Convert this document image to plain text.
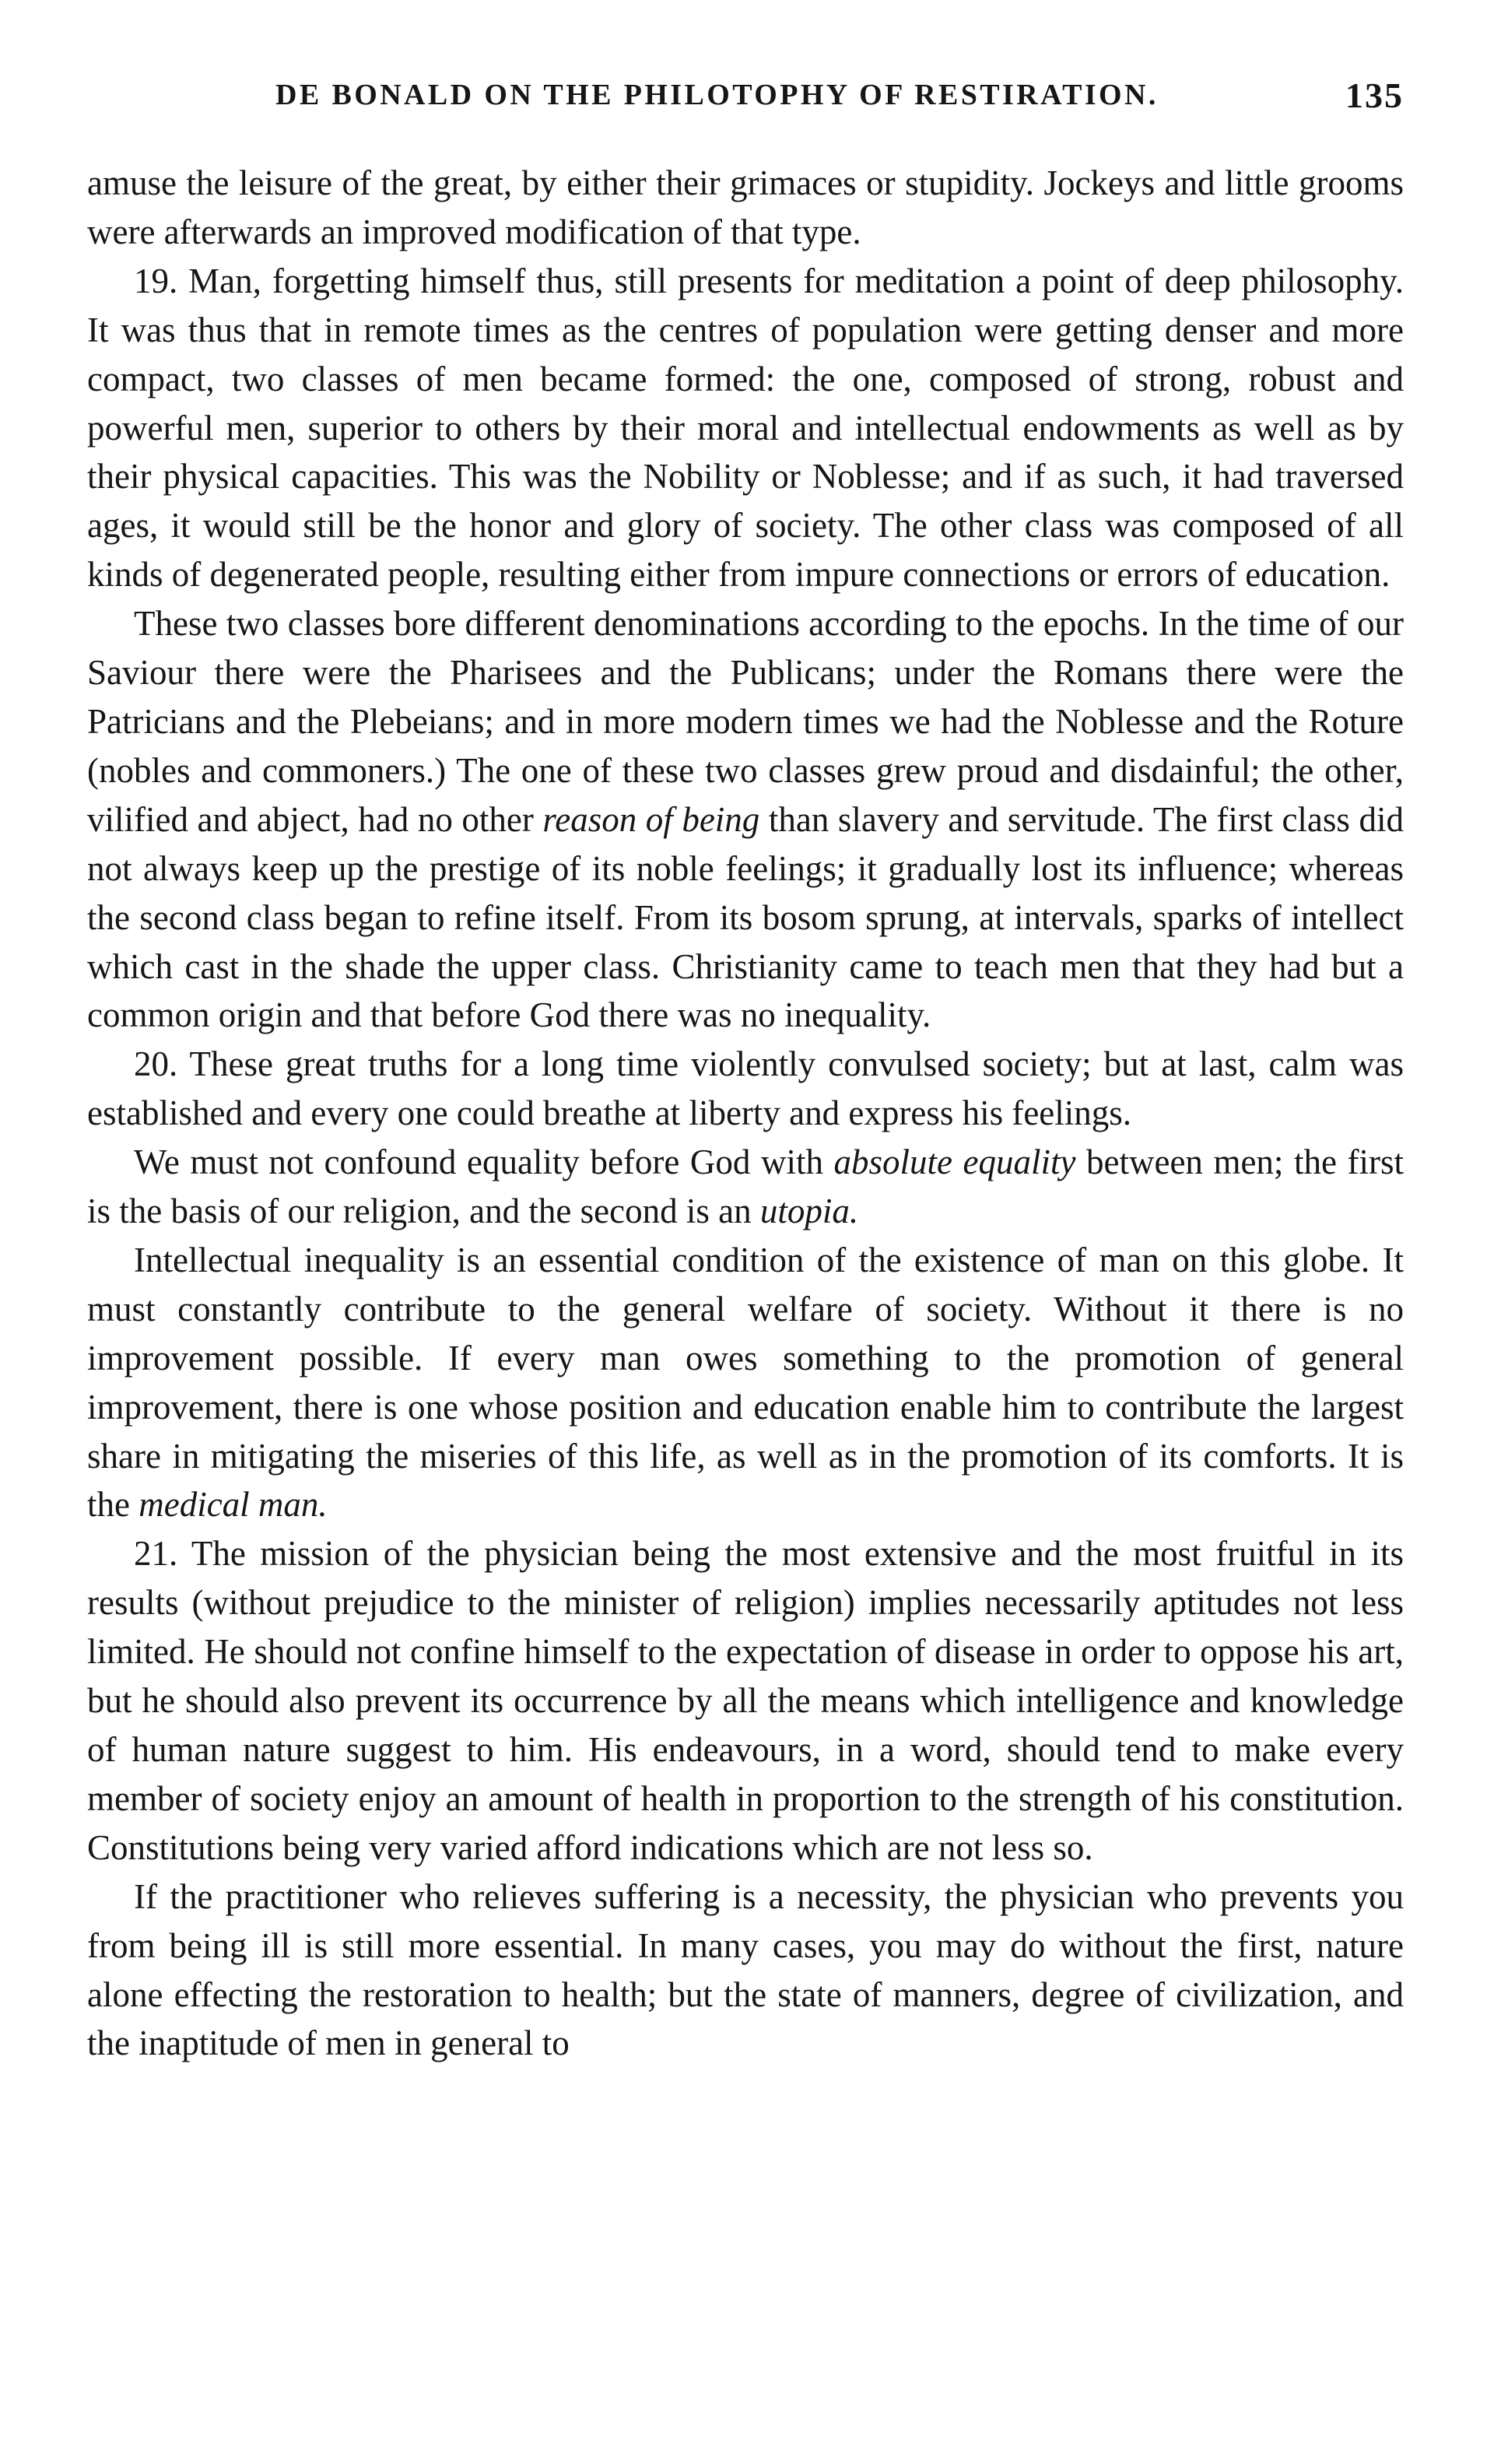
DE BONALD ON THE PHILOTOPHY OF RESTIRATION.	135

amuse the leisure of the great, by either their grimaces or stupidity. Jockeys and little grooms were afterwards an improved modification of that type.

19. Man, forgetting himself thus, still presents for meditation a point of deep philosophy. It was thus that in remote times as the centres of population were getting denser and more compact, two classes of men became formed: the one, composed of strong, robust and powerful men, superior to others by their moral and intellectual endowments as well as by their physical capacities. This was the Nobility or Noblesse; and if as such, it had traversed ages, it would still be the honor and glory of society. The other class was composed of all kinds of degenerated people, resulting either from impure connections or errors of education.

These two classes bore different denominations according to the epochs. In the time of our Saviour there were the Pharisees and the Publicans; under the Romans there were the Patricians and the Plebeians; and in more modern times we had the Noblesse and the Roture (nobles and commoners.) The one of these two classes grew proud and disdainful; the other, vilified and abject, had no other reason of being than slavery and servitude. The first class did not always keep up the prestige of its noble feelings; it gradually lost its influence; whereas the second class began to refine itself. From its bosom sprung, at intervals, sparks of intellect which cast in the shade the upper class. Christianity came to teach men that they had but a common origin and that before God there was no inequality.

20. These great truths for a long time violently convulsed society; but at last, calm was established and every one could breathe at liberty and express his feelings.

We must not confound equality before God with absolute equality between men; the first is the basis of our religion, and the second is an utopia.

Intellectual inequality is an essential condition of the existence of man on this globe. It must constantly contribute to the general welfare of society. Without it there is no improvement possible. If every man owes something to the promotion of general improvement, there is one whose position and education enable him to contribute the largest share in mitigating the miseries of this life, as well as in the promotion of its comforts. It is the medical man.

21. The mission of the physician being the most extensive and the most fruitful in its results (without prejudice to the minister of religion) implies necessarily aptitudes not less limited. He should not confine himself to the expectation of disease in order to oppose his art, but he should also prevent its occurrence by all the means which intelligence and knowledge of human nature suggest to him. His endeavours, in a word, should tend to make every member of society enjoy an amount of health in proportion to the strength of his constitution. Constitutions being very varied afford indications which are not less so.

If the practitioner who relieves suffering is a necessity, the physician who prevents you from being ill is still more essential. In many cases, you may do without the first, nature alone effecting the restoration to health; but the state of manners, degree of civilization, and the inaptitude of men in general to
